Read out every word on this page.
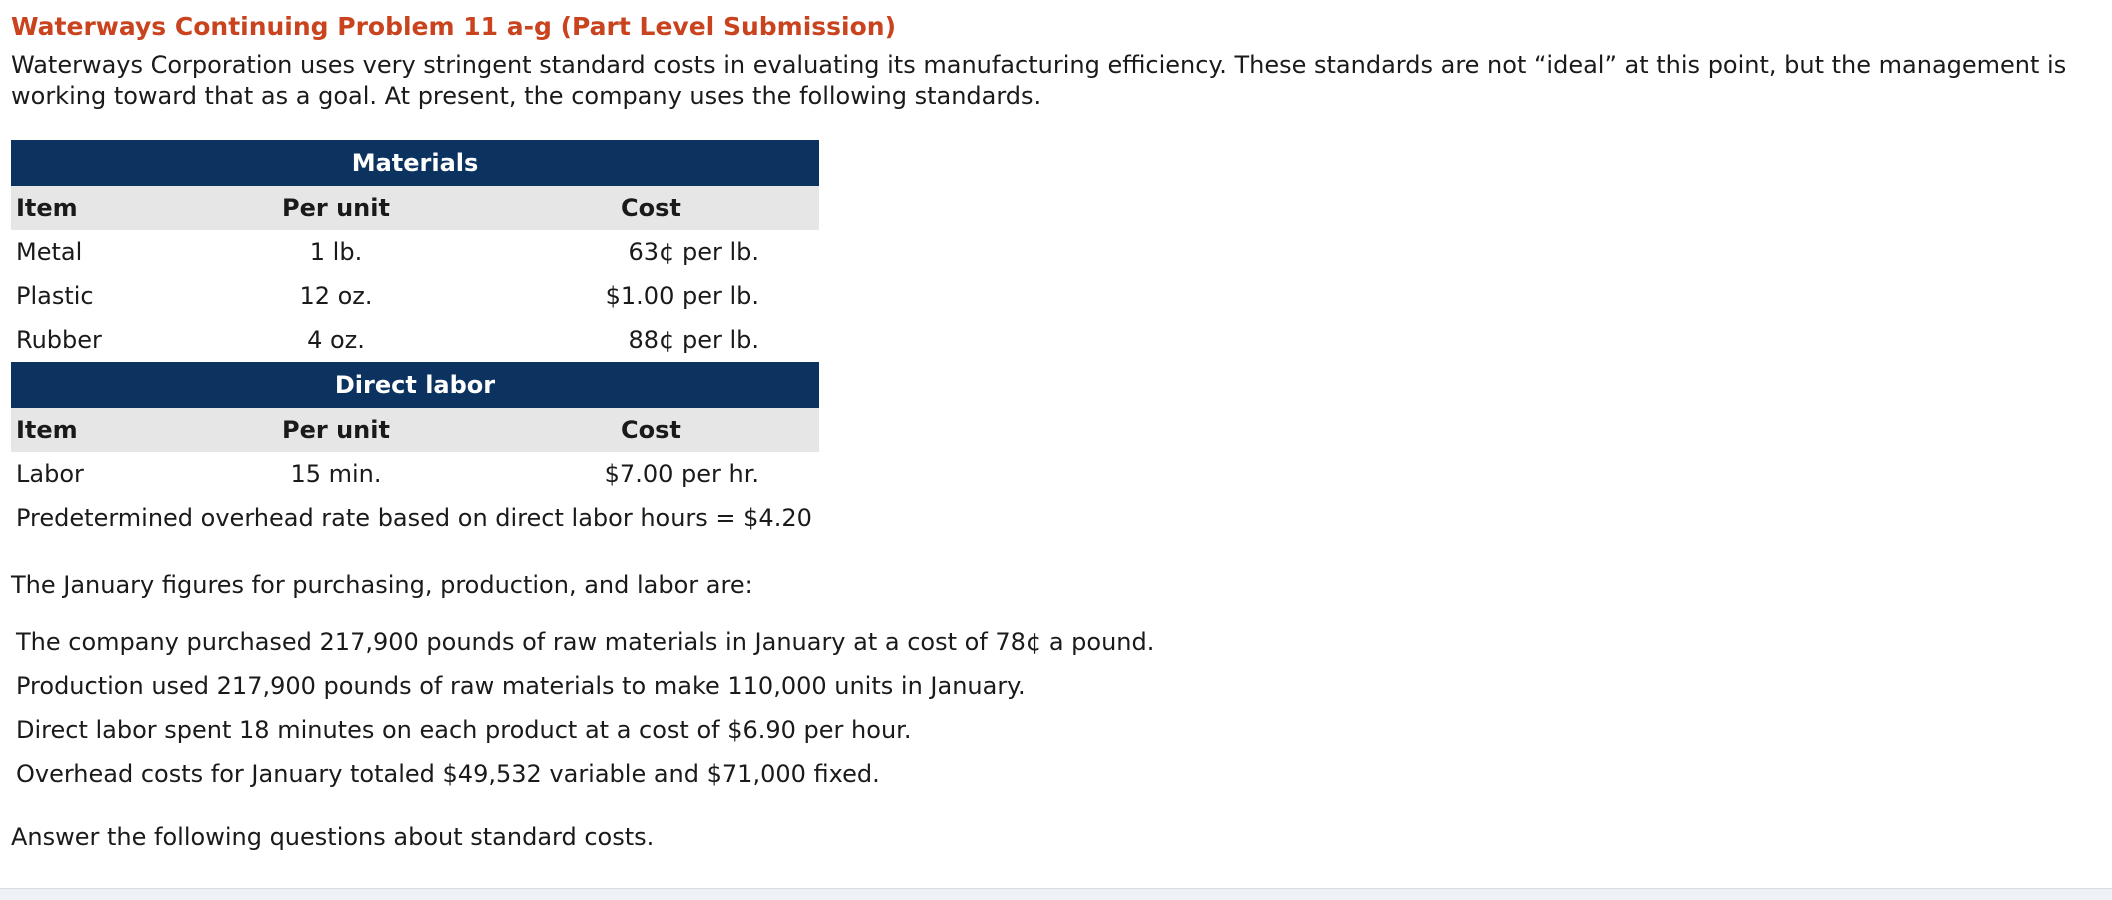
Waterways Continuing Problem 11 a-g (Part Level Submission)

Waterways Corporation uses very stringent standard costs in evaluating its manufacturing efficiency. These standards are not “ideal” at this point, but the management is working toward that as a goal. At present, the company uses the following standards.

Materials		
Item	Per unit	Cost
Metal	1 lb.	63¢ per lb.
Plastic	12 oz.	$1.00 per lb.
Rubber	4 oz.	88¢ per lb.
Direct labor		
Item	Per unit	Cost
Labor	15 min.	$7.00 per hr.
Predetermined overhead rate based on direct labor hours = $4.20

The January figures for purchasing, production, and labor are:

The company purchased 217,900 pounds of raw materials in January at a cost of 78¢ a pound.
Production used 217,900 pounds of raw materials to make 110,000 units in January.
Direct labor spent 18 minutes on each product at a cost of $6.90 per hour.
Overhead costs for January totaled $49,532 variable and $71,000 fixed.

Answer the following questions about standard costs.
